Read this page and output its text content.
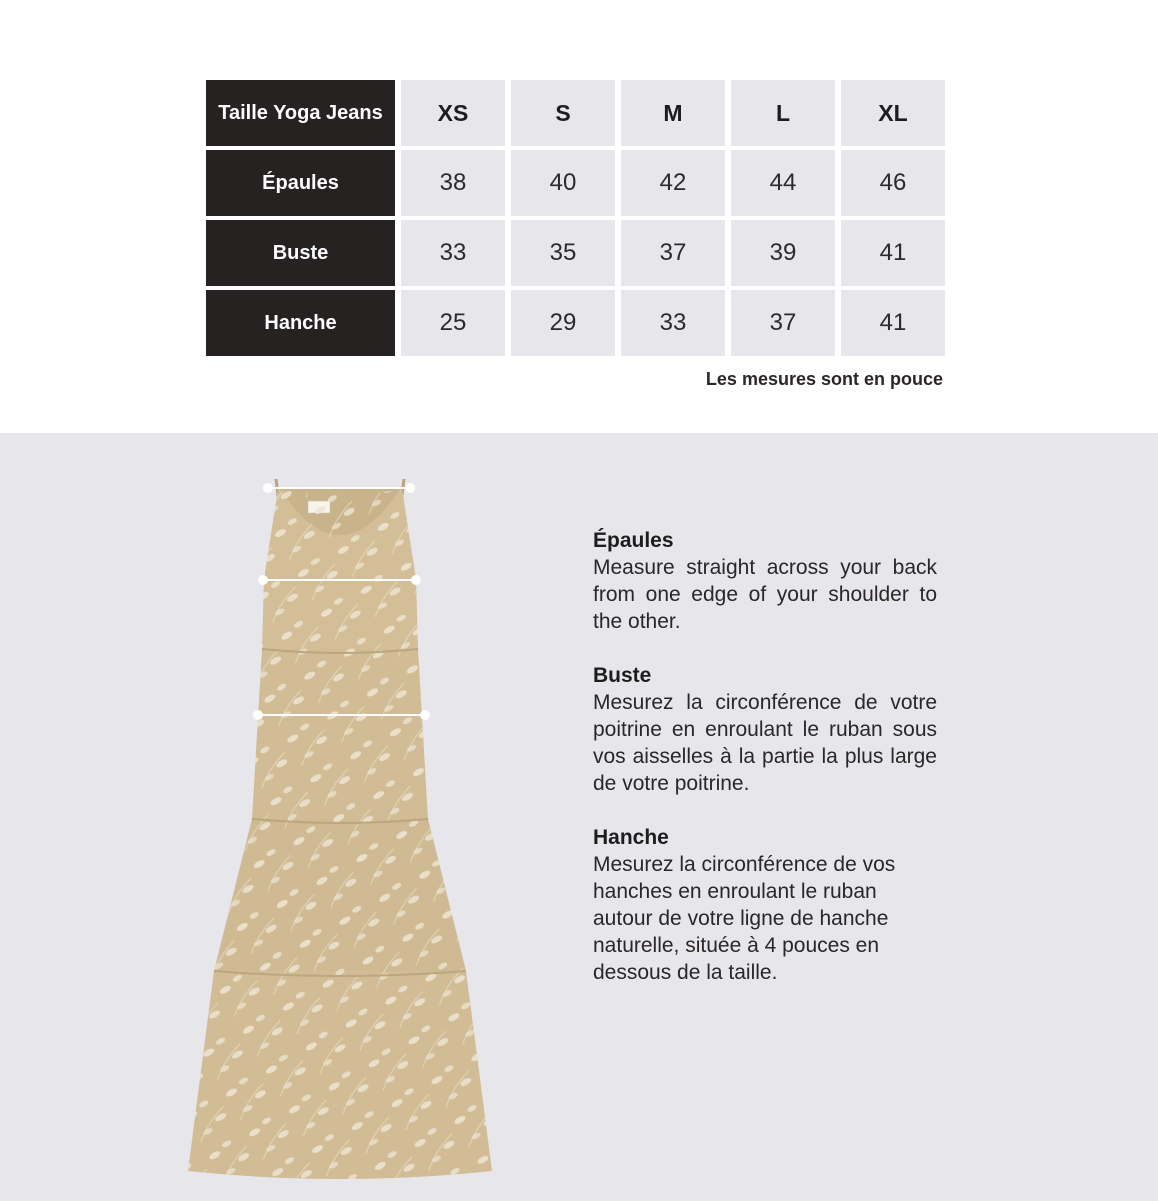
Taille Yoga Jeans	XS	S	M	L	XL
Épaules	38	40	42	44	46
Buste	33	35	37	39	41
Hanche	25	29	33	37	41
Les mesures sont en pouce
Épaules
Measure straight across your back from one edge of your shoulder to the other.
Buste
Mesurez la circonférence de votre poitrine en enroulant le ruban sous vos aisselles à la partie la plus large de votre poitrine.
Hanche
Mesurez la circonférence de vos hanches en enroulant le ruban autour de votre ligne de hanche naturelle, située à 4 pouces en dessous de la taille.
